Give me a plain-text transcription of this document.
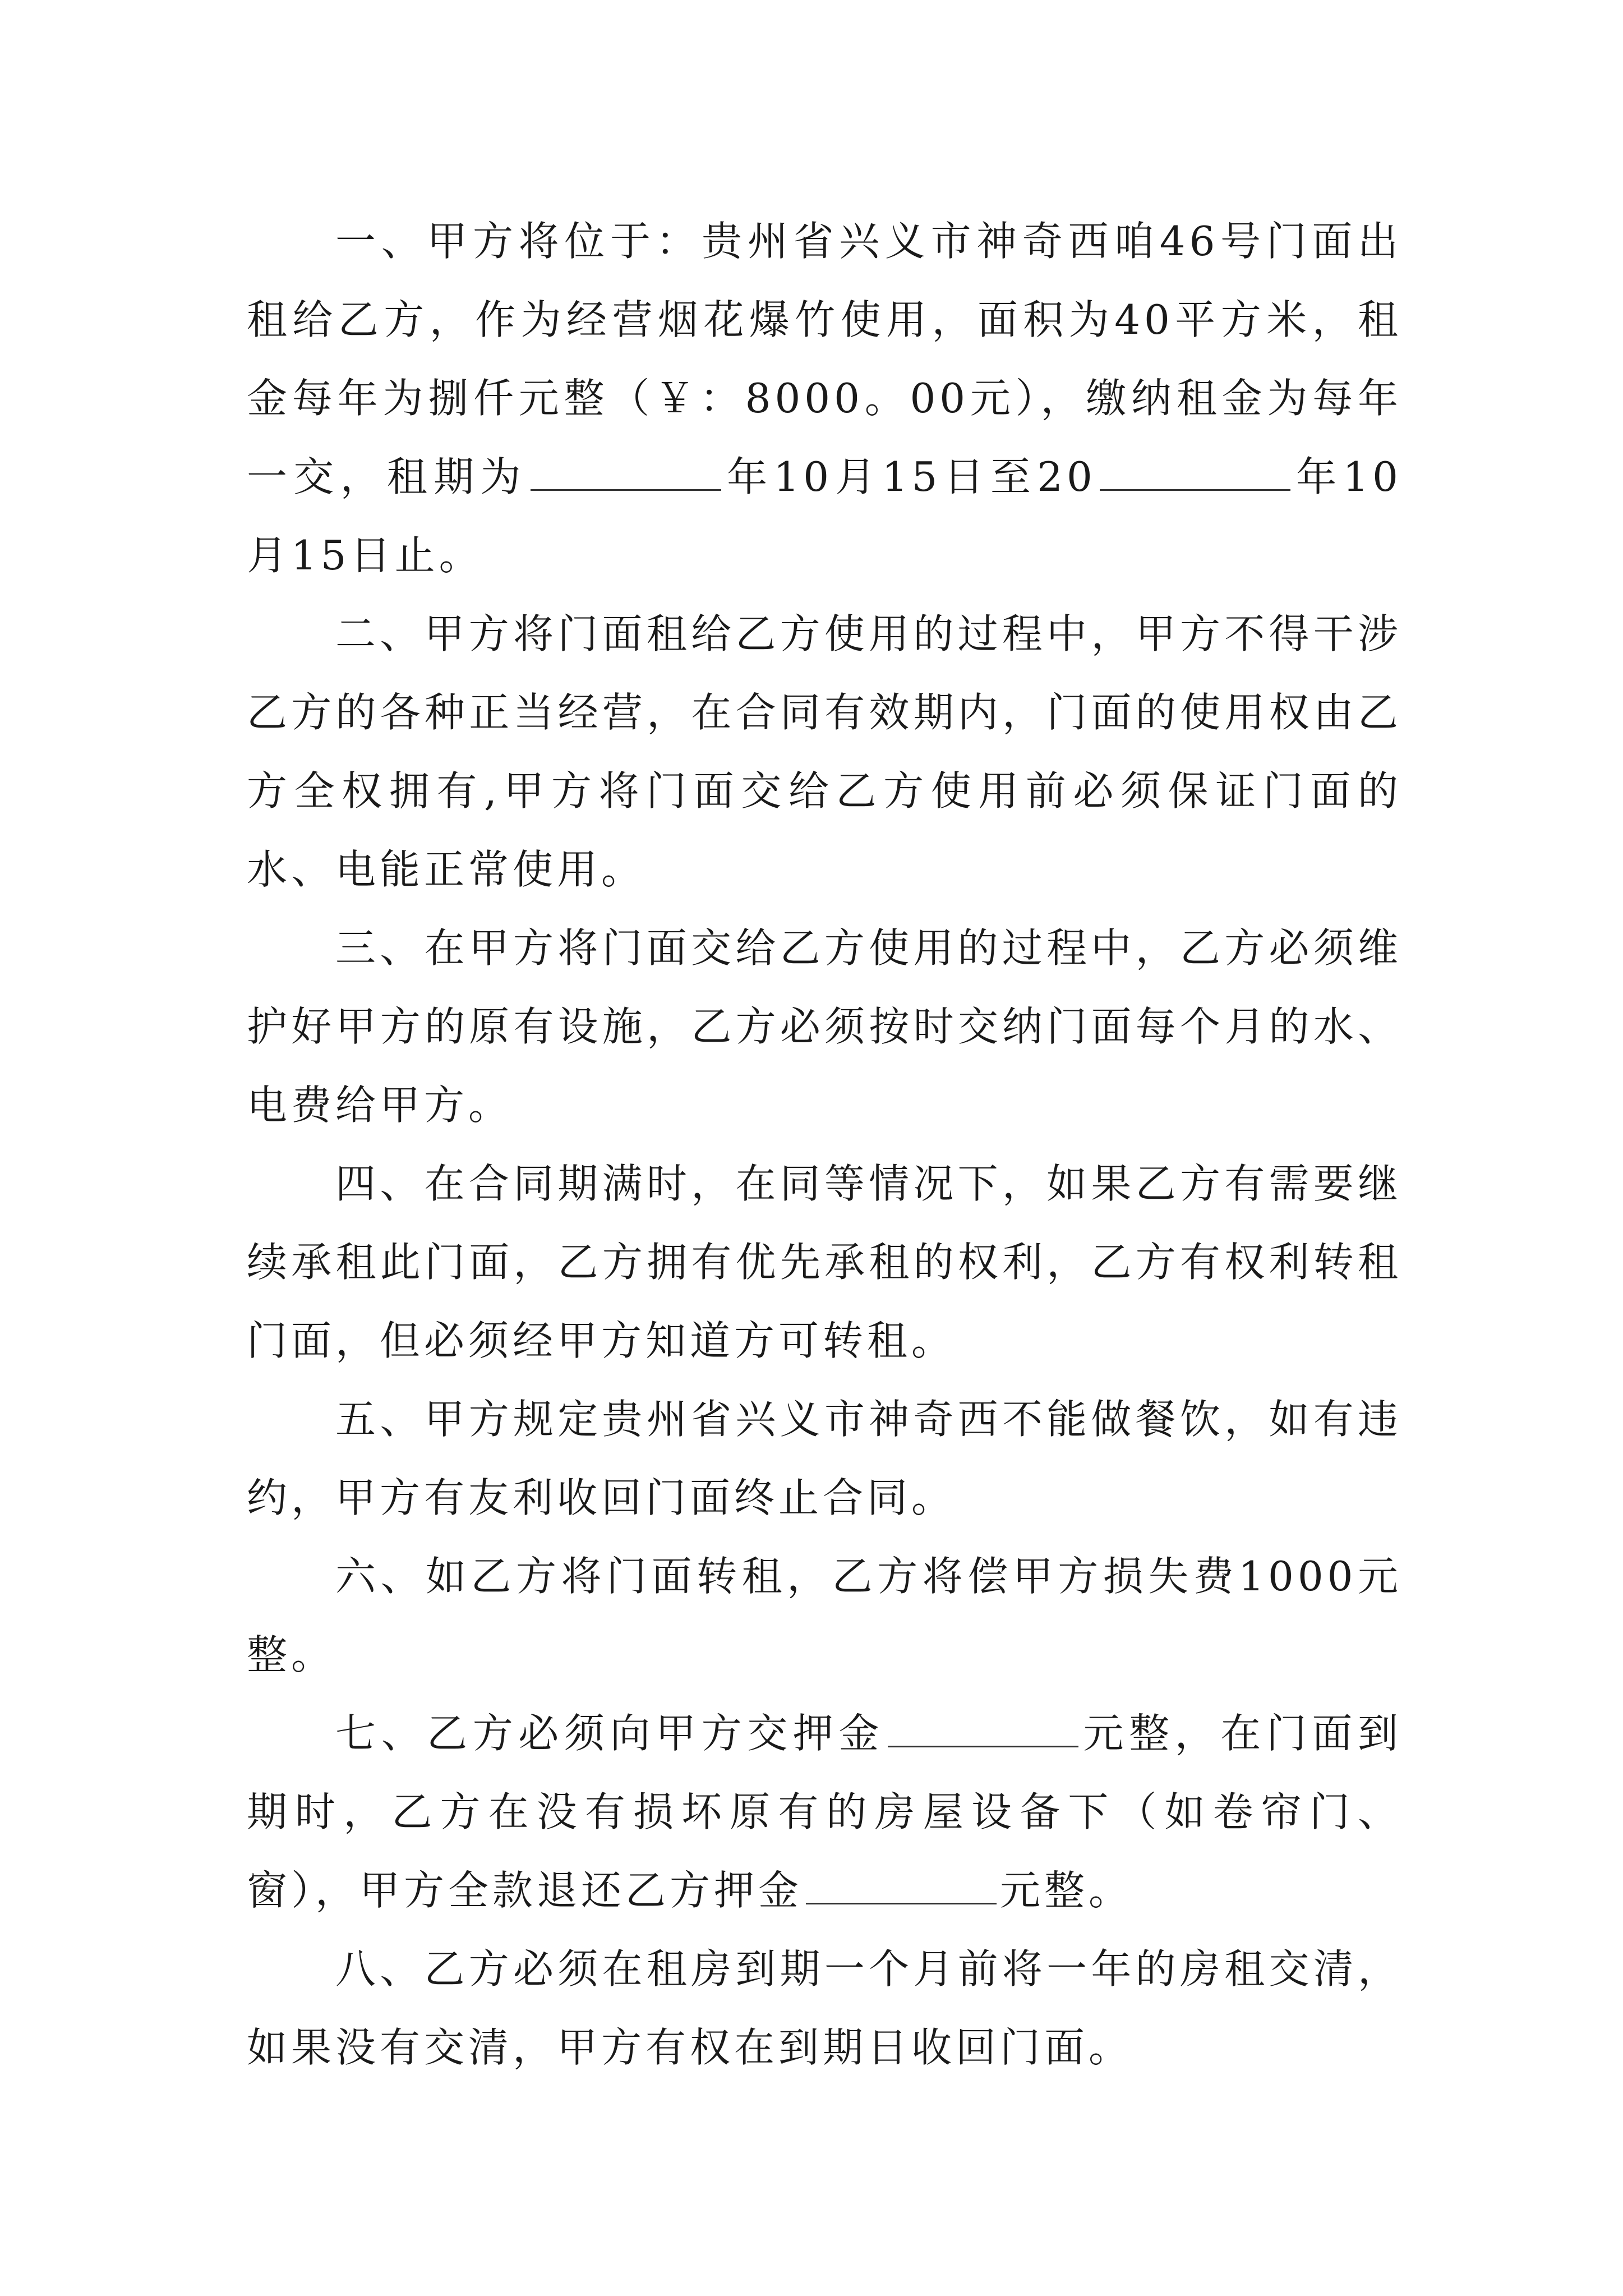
一、甲方将位于：贵州省兴义市神奇西咱46号门面出租给乙方，作为经营烟花爆竹使用，面积为40平方米，租金每年为捌仟元整（￥：8000。00元），缴纳租金为每年一交，租期为	年10月15日至20	年10月15日止。

二、甲方将门面租给乙方使用的过程中，甲方不得干涉乙方的各种正当经营，在合同有效期内，门面的使用权由乙方全权拥有,甲方将门面交给乙方使用前必须保证门面的水、电能正常使用。

三、在甲方将门面交给乙方使用的过程中，乙方必须维护好甲方的原有设施，乙方必须按时交纳门面每个月的水、电费给甲方。

四、在合同期满时，在同等情况下，如果乙方有需要继续承租此门面，乙方拥有优先承租的权利，乙方有权利转租门面，但必须经甲方知道方可转租。

五、甲方规定贵州省兴义市神奇西不能做餐饮，如有违约，甲方有友利收回门面终止合同。

六、如乙方将门面转租，乙方将偿甲方损失费1000元整。

七、乙方必须向甲方交押金	元整，在门面到期时，乙方在没有损坏原有的房屋设备下（如卷帘门、窗），甲方全款退还乙方押金	元整。

八、乙方必须在租房到期一个月前将一年的房租交清，如果没有交清，甲方有权在到期日收回门面。
